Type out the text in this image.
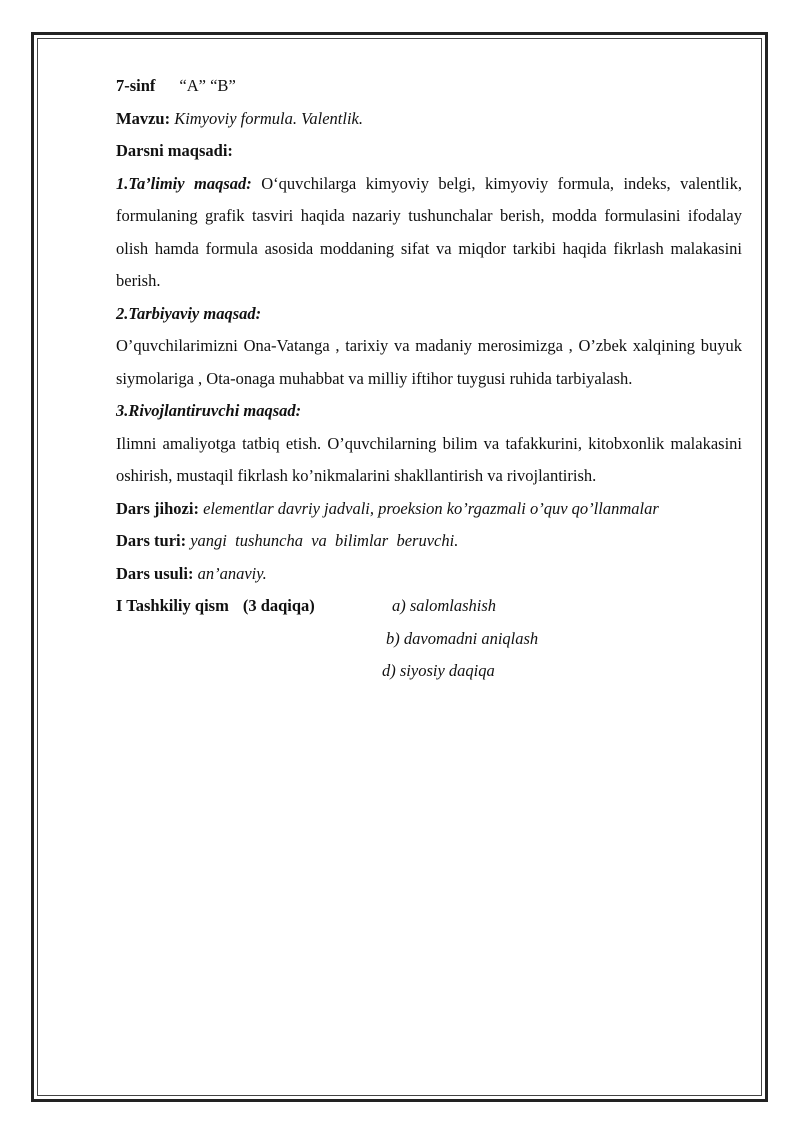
7-sinf “A” “B”
Mavzu: Kimyoviy formula. Valentlik.
Darsni maqsadi:
1.Ta’limiy maqsad: O‘quvchilarga kimyoviy belgi, kimyoviy formula, indeks, valentlik, formulaning grafik tasviri haqida nazariy tushunchalar berish, modda formulasini ifodalay olish hamda formula asosida moddaning sifat va miqdor tarkibi haqida fikrlash malakasini berish.
2.Tarbiyaviy maqsad:
O’quvchilarimizni Ona-Vatanga , tarixiy va madaniy merosimizga , O’zbek xalqining buyuk siymolariga , Ota-onaga muhabbat va milliy iftihor tuygusi ruhida tarbiyalash.
3.Rivojlantiruvchi maqsad:
Ilimni amaliyotga tatbiq etish. O’quvchilarning bilim va tafakkurini, kitobxonlik malakasini oshirish, mustaqil fikrlash ko’nikmalarini shakllantirish va rivojlantirish.
Dars jihozi: elementlar davriy jadvali, proeksion ko’rgazmali o’quv qo’llanmalar
Dars turi: yangi  tushuncha  va  bilimlar  beruvchi.
Dars usuli: an’anaviy.
I Tashkiliy qism (3 daqiqa)	a) salomlashish
b) davomadni aniqlash
d) siyosiy daqiqa
